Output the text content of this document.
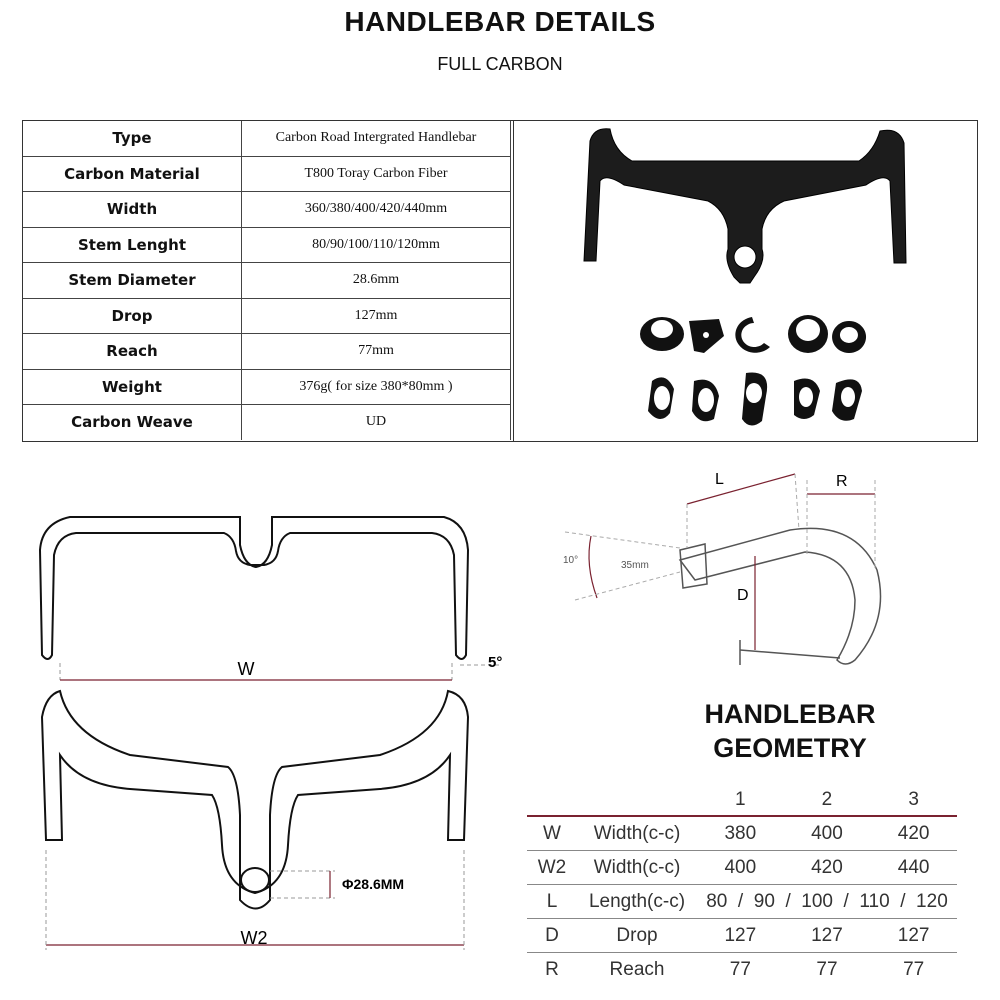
HANDLEBAR DETAILS
FULL CARBON
Type	Carbon Road Intergrated Handlebar
Carbon Material	T800 Toray Carbon Fiber
Width	360/380/400/420/440mm
Stem Lenght	80/90/100/110/120mm
Stem Diameter	28.6mm
Drop	127mm
Reach	77mm
Weight	376g( for size 380*80mm )
Carbon Weave	UD
W	5°
Φ28.6MM
W2
L	R
D
10°	35mm
HANDLEBAR
GEOMETRY
		1	2	3
W	Width(c-c)	380	400	420
W2	Width(c-c)	400	420	440
L	Length(c-c)	80  /  90  /  100  /  110  /  120		
D	Drop	127	127	127
R	Reach	77	77	77
